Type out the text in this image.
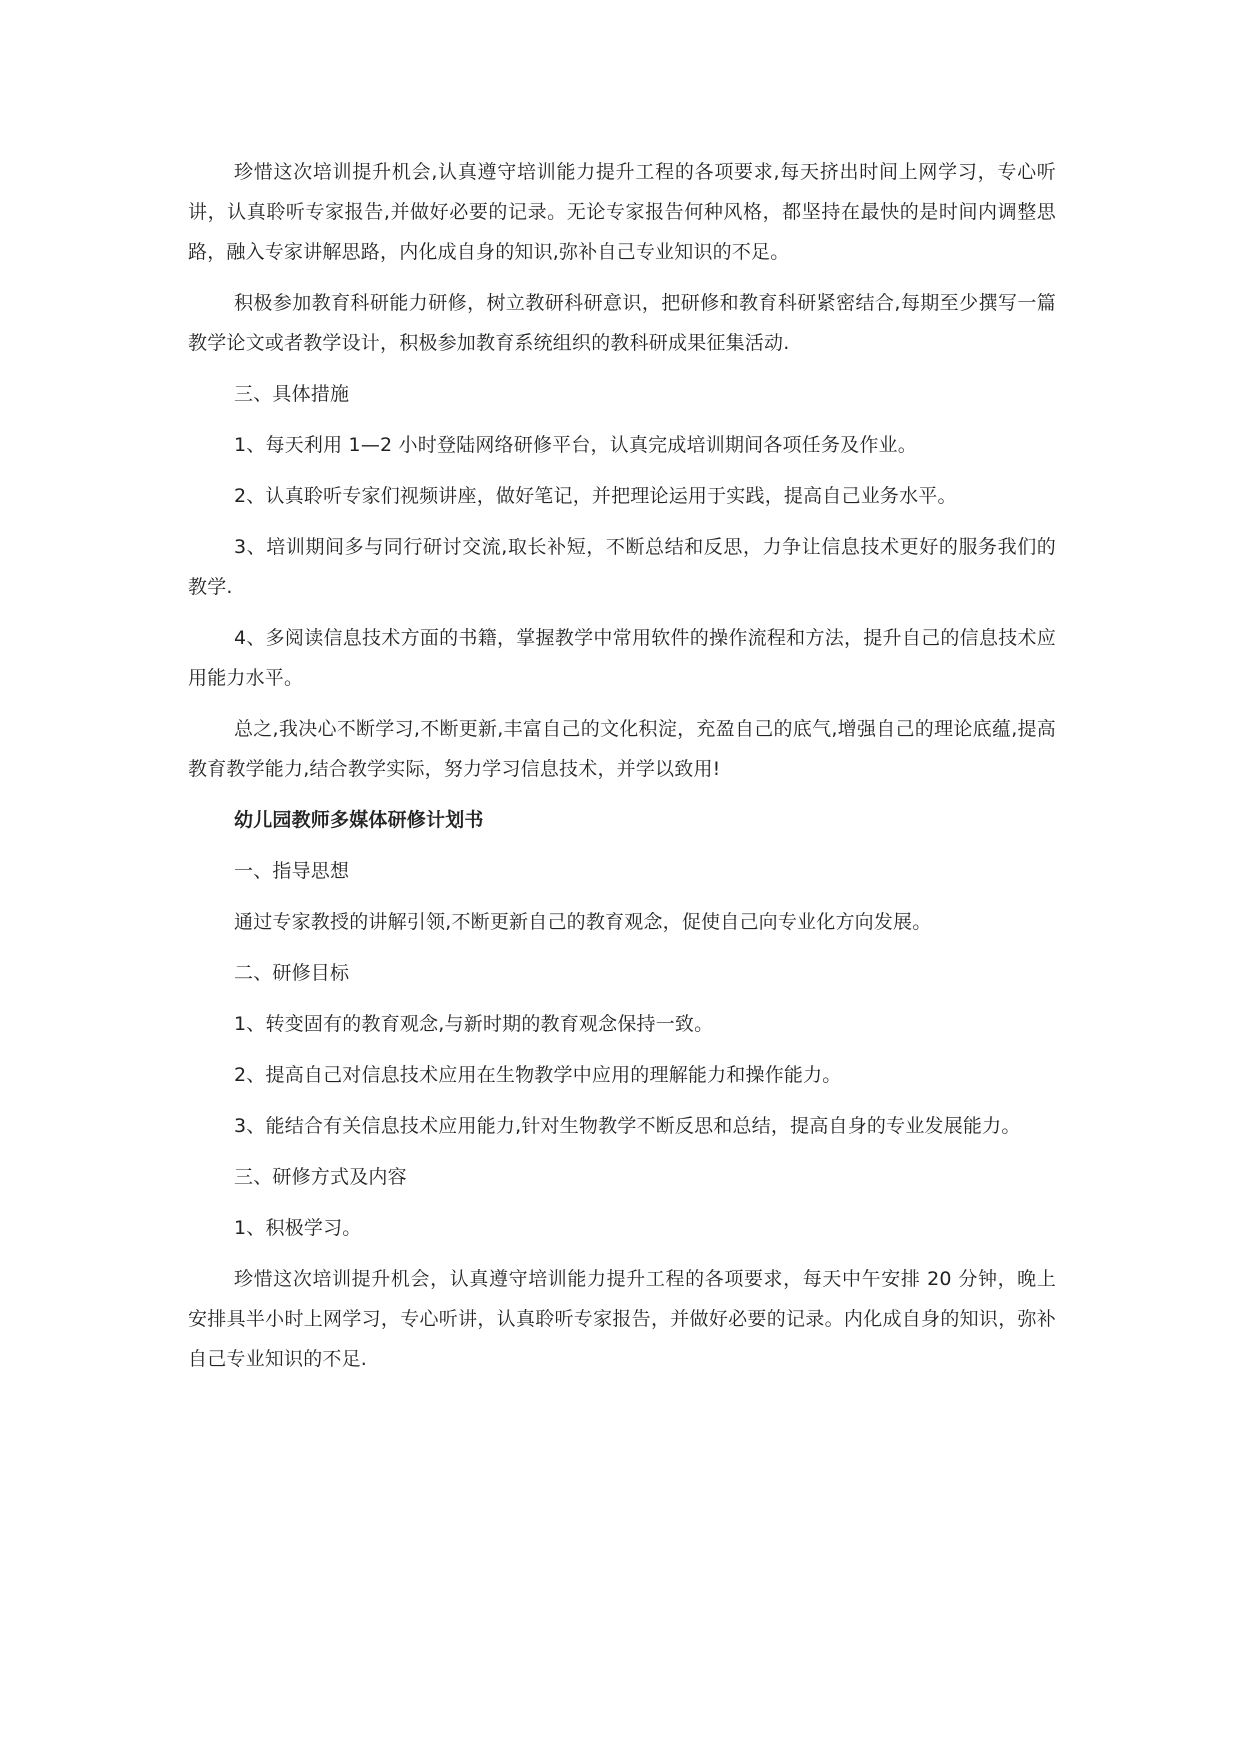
珍惜这次培训提升机会,认真遵守培训能力提升工程的各项要求,每天挤出时间上网学习，专心听讲，认真聆听专家报告,并做好必要的记录。无论专家报告何种风格，都坚持在最快的是时间内调整思路，融入专家讲解思路，内化成自身的知识,弥补自己专业知识的不足。

积极参加教育科研能力研修，树立教研科研意识，把研修和教育科研紧密结合,每期至少撰写一篇教学论文或者教学设计，积极参加教育系统组织的教科研成果征集活动.

三、具体措施

1、每天利用 1—2 小时登陆网络研修平台，认真完成培训期间各项任务及作业。

2、认真聆听专家们视频讲座，做好笔记，并把理论运用于实践，提高自己业务水平。

3、培训期间多与同行研讨交流,取长补短，不断总结和反思，力争让信息技术更好的服务我们的教学.

4、多阅读信息技术方面的书籍，掌握教学中常用软件的操作流程和方法，提升自己的信息技术应用能力水平。

总之,我决心不断学习,不断更新,丰富自己的文化积淀，充盈自己的底气,增强自己的理论底蕴,提高教育教学能力,结合教学实际，努力学习信息技术，并学以致用!

幼儿园教师多媒体研修计划书

一、指导思想

通过专家教授的讲解引领,不断更新自己的教育观念，促使自己向专业化方向发展。

二、研修目标

1、转变固有的教育观念,与新时期的教育观念保持一致。

2、提高自己对信息技术应用在生物教学中应用的理解能力和操作能力。

3、能结合有关信息技术应用能力,针对生物教学不断反思和总结，提高自身的专业发展能力。

三、研修方式及内容

1、积极学习。

珍惜这次培训提升机会，认真遵守培训能力提升工程的各项要求，每天中午安排 20 分钟，晚上安排具半小时上网学习，专心听讲，认真聆听专家报告，并做好必要的记录。内化成自身的知识，弥补自己专业知识的不足.
